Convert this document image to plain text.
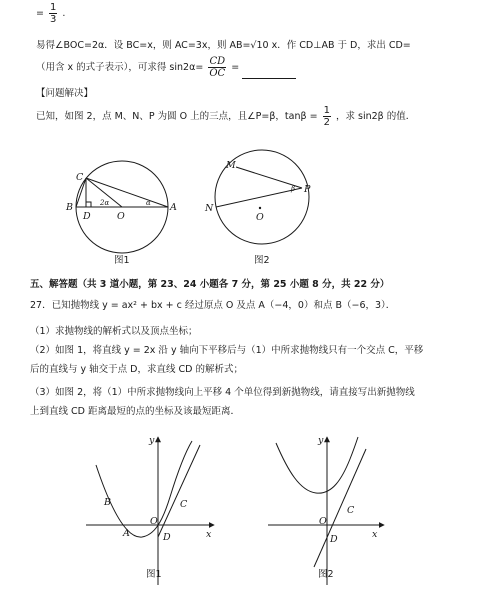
= $\frac{1}{3}$ .
易得∠BOC=2α．设 BC=x，则 AC=3x，则 AB=√10 x．作 CD⊥AB 于 D，求出 CD=
（用含 x 的式子表示），可求得 $\sin 2\alpha= \frac{CD}{OC}$ =
【问题解决】
已知，如图 2，点 M、N、P 为圆 O 上的三点，且∠P=β，$\tan\beta = \frac{1}{2}$ ，求 sin2β 的值．
C
B
D	O
A
2α	α
图1
M
N
P
O
β
图2
五、解答题（共 3 道小题，第 23、24 小题各 7 分，第 25 小题 8 分，共 22 分）
27．已知抛物线 y = ax² + bx + c 经过原点 O 及点 A（−4，0）和点 B（−6，3）．
（1）求抛物线的解析式以及顶点坐标；
（2）如图 1，将直线 y = 2x 沿 y 轴向下平移后与（1）中所求抛物线只有一个交点 C，平移
后的直线与 y 轴交于点 D，求直线 CD 的解析式；
（3）如图 2，将（1）中所求抛物线向上平移 4 个单位得到新抛物线，请直接写出新抛物线
上到直线 CD 距离最短的点的坐标及该最短距离．
y
x
B	C
O
A	D
图1
y
x
C
O
D
图2
